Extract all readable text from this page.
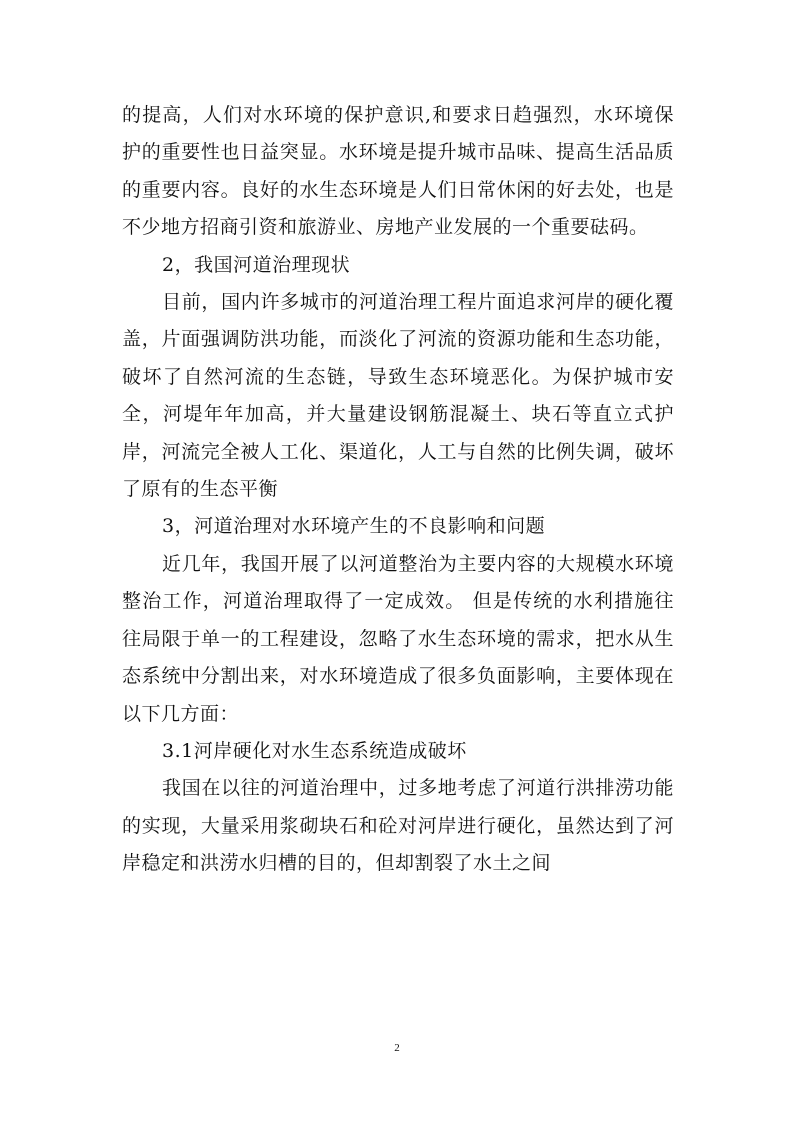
的提高，人们对水环境的保护意识,和要求日趋强烈，水环境保护的重要性也日益突显。水环境是提升城市品味、提高生活品质的重要内容。良好的水生态环境是人们日常休闲的好去处，也是不少地方招商引资和旅游业、房地产业发展的一个重要砝码。

2，我国河道治理现状

目前，国内许多城市的河道治理工程片面追求河岸的硬化覆盖，片面强调防洪功能，而淡化了河流的资源功能和生态功能，破坏了自然河流的生态链，导致生态环境恶化。为保护城市安全，河堤年年加高，并大量建设钢筋混凝土、块石等直立式护岸，河流完全被人工化、渠道化，人工与自然的比例失调，破坏了原有的生态平衡

3，河道治理对水环境产生的不良影响和问题

近几年，我国开展了以河道整治为主要内容的大规模水环境整治工作，河道治理取得了一定成效。 但是传统的水利措施往往局限于单一的工程建设，忽略了水生态环境的需求，把水从生态系统中分割出来，对水环境造成了很多负面影响，主要体现在以下几方面：

3.1河岸硬化对水生态系统造成破坏

我国在以往的河道治理中，过多地考虑了河道行洪排涝功能的实现，大量采用浆砌块石和砼对河岸进行硬化，虽然达到了河岸稳定和洪涝水归槽的目的，但却割裂了水土之间

2
